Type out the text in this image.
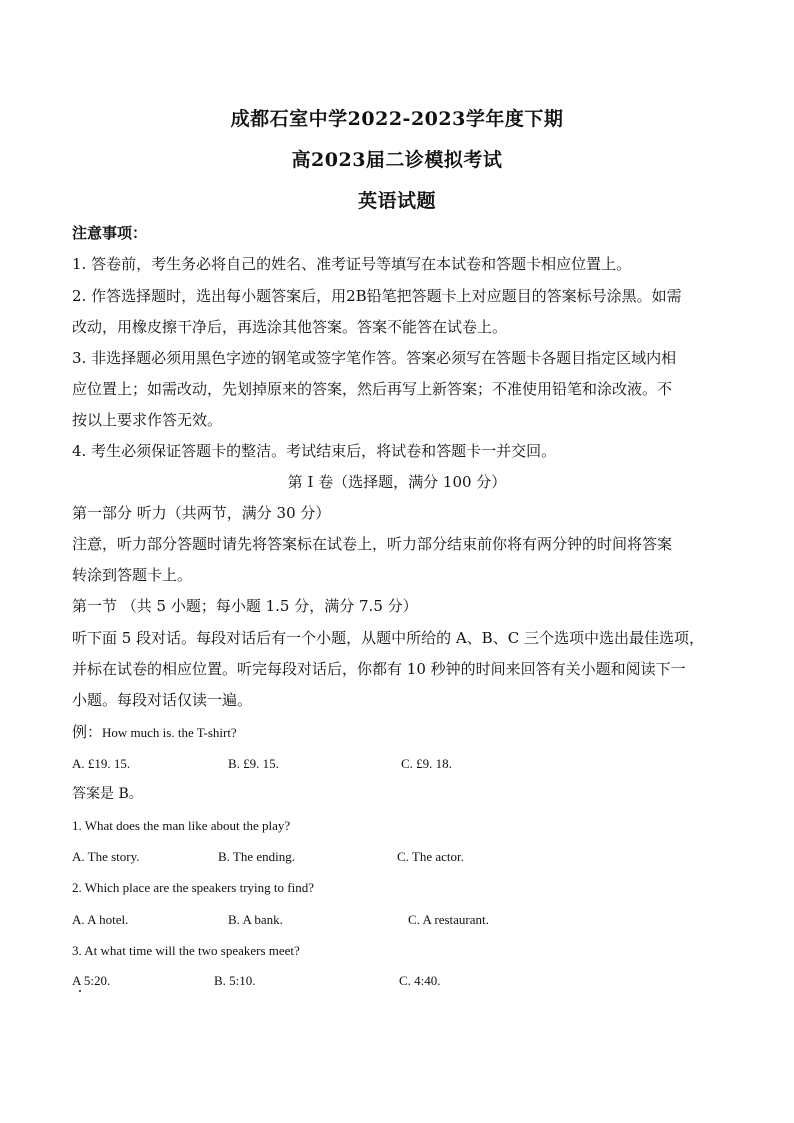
成都石室中学2022-2023学年度下期
高2023届二诊模拟考试
英语试题
注意事项：
1. 答卷前，考生务必将自己的姓名、准考证号等填写在本试卷和答题卡相应位置上。
2. 作答选择题时，选出每小题答案后，用2B铅笔把答题卡上对应题目的答案标号涂黑。如需
改动，用橡皮擦干净后，再选涂其他答案。答案不能答在试卷上。
3. 非选择题必须用黑色字迹的钢笔或签字笔作答。答案必须写在答题卡各题目指定区域内相
应位置上；如需改动，先划掉原来的答案，然后再写上新答案；不准使用铅笔和涂改液。不
按以上要求作答无效。
4. 考生必须保证答题卡的整洁。考试结束后，将试卷和答题卡一并交回。
第 I 卷（选择题，满分 100 分）
第一部分 听力（共两节，满分 30 分）
注意，听力部分答题时请先将答案标在试卷上，听力部分结束前你将有两分钟的时间将答案
转涂到答题卡上。
第一节 （共 5 小题；每小题 1.5 分，满分 7.5 分）
听下面 5 段对话。每段对话后有一个小题，从题中所给的 A、B、C 三个选项中选出最佳选项，
并标在试卷的相应位置。听完每段对话后，你都有 10 秒钟的时间来回答有关小题和阅读下一
小题。每段对话仅读一遍。
例：How much is. the T-shirt?
A. £19. 15.	B. £9. 15.	C. £9. 18.
答案是 B。
1. What does the man like about the play?
A. The story.	B. The ending.	C. The actor.
2. Which place are the speakers trying to find?
A. A hotel.	B. A bank.	C. A restaurant.
3. At what time will the two speakers meet?
A 5:20.	B. 5:10.	C. 4:40.
